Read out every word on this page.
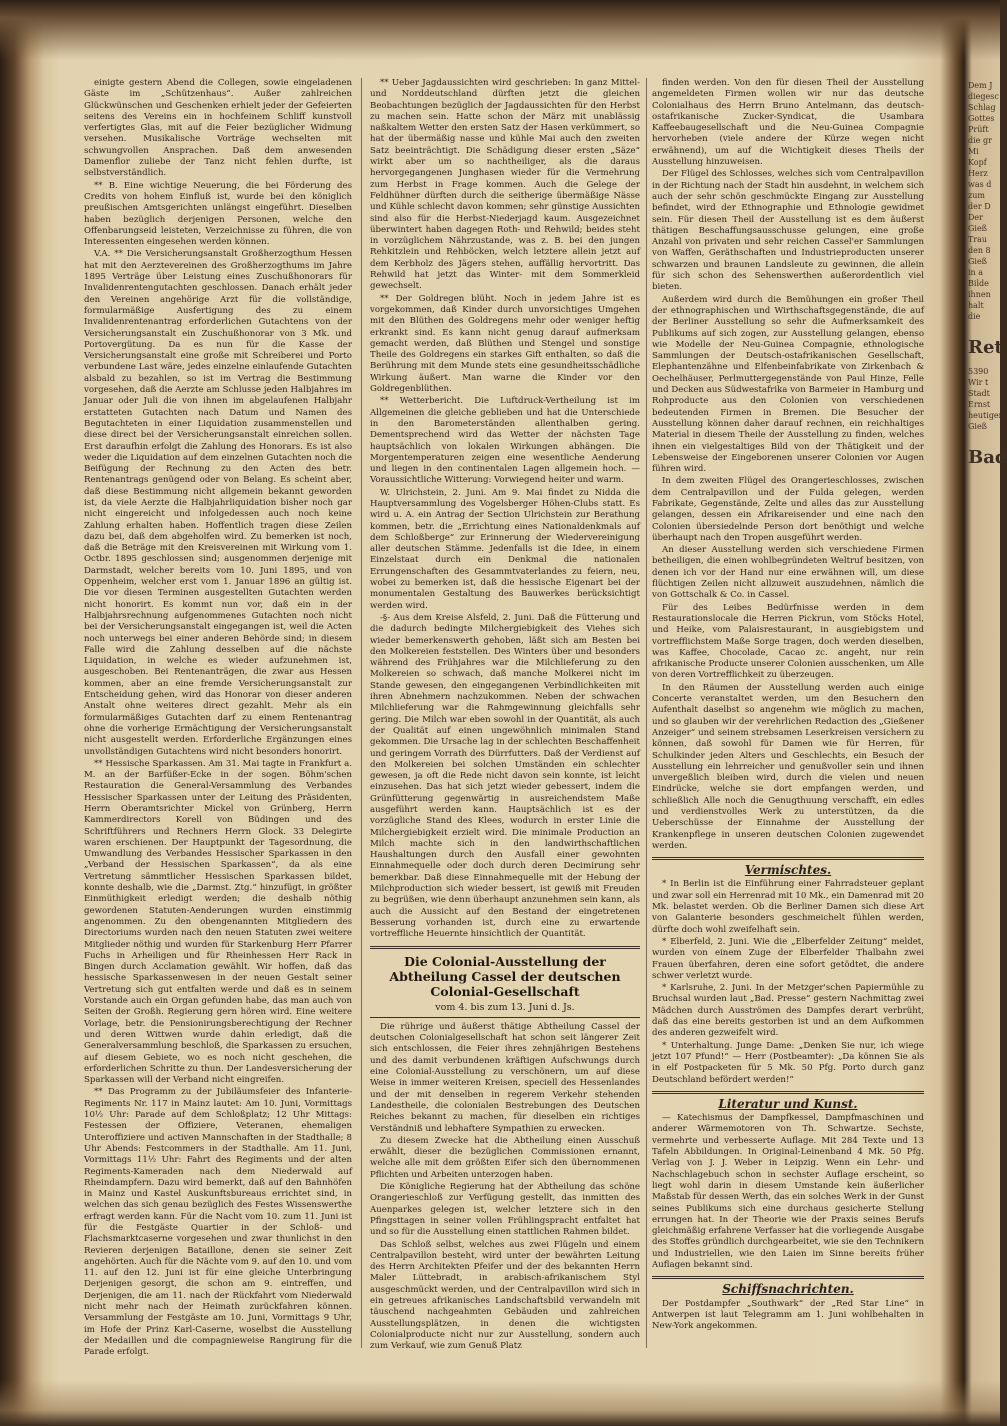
einigte gestern Abend die Collegen, sowie eingeladenen Gäste im „Schützenhaus“. Außer zahlreichen Glückwünschen und Geschenken erhielt jeder der Gefeierten seitens des Vereins ein in hochfeinem Schliff kunstvoll verfertigtes Glas, mit auf die Feier bezüglicher Widmung versehen. Musikalische Vorträge wechselten mit schwungvollen Ansprachen. Daß dem anwesenden Damenflor zuliebe der Tanz nicht fehlen durfte, ist selbstverständlich.

** B. Eine wichtige Neuerung, die bei Förderung des Credits von hohem Einfluß ist, wurde bei den königlich preußischen Amtsgerichten unlängst eingeführt. Dieselben haben bezüglich derjenigen Personen, welche den Offenbarungseid leisteten, Verzeichnisse zu führen, die von Interessenten eingesehen werden können.

V.A. ** Die Versicherungsanstalt Großherzogthum Hessen hat mit den Aerztevereinen des Großherzogthums im Jahre 1895 Verträge über Leistung eines Zuschußhonorars für Invalidenrentengutachten geschlossen. Danach erhält jeder den Vereinen angehörige Arzt für die vollständige, formularmäßige Ausfertigung des zu einem Invalidenrentenantrag erforderlichen Gutachtens von der Versicherungsanstalt ein Zuschußhonorar von 3 Mk. und Portovergütung. Da es nun für die Kasse der Versicherungsanstalt eine große mit Schreiberei und Porto verbundene Last wäre, jedes einzelne einlaufende Gutachten alsbald zu bezahlen, so ist im Vertrag die Bestimmung vorgesehen, daß die Aerzte am Schlusse jeden Halbjahres im Januar oder Juli die von ihnen im abgelaufenen Halbjahr erstatteten Gutachten nach Datum und Namen des Begutachteten in einer Liquidation zusammenstellen und diese direct bei der Versicherungsanstalt einreichen sollen. Erst daraufhin erfolgt die Zahlung des Honorars. Es ist also weder die Liquidation auf dem einzelnen Gutachten noch die Beifügung der Rechnung zu den Acten des betr. Rentenantrags genügend oder von Belang. Es scheint aber, daß diese Bestimmung nicht allgemein bekannt geworden ist, da viele Aerzte die Halbjahrliquidation bisher noch gar nicht eingereicht und infolgedessen auch noch keine Zahlung erhalten haben. Hoffentlich tragen diese Zeilen dazu bei, daß dem abgeholfen wird. Zu bemerken ist noch, daß die Beträge mit den Kreisvereinen mit Wirkung vom 1. Octbr. 1895 geschlossen sind; ausgenommen derjenige mit Darmstadt, welcher bereits vom 10. Juni 1895, und von Oppenheim, welcher erst vom 1. Januar 1896 an gültig ist. Die vor diesen Terminen ausgestellten Gutachten werden nicht honorirt. Es kommt nun vor, daß ein in der Halbjahrsrechnung aufgenommenes Gutachten noch nicht bei der Versicherungsanstalt eingegangen ist, weil die Acten noch unterwegs bei einer anderen Behörde sind; in diesem Falle wird die Zahlung desselben auf die nächste Liquidation, in welche es wieder aufzunehmen ist, ausgeschoben. Bei Rentenanträgen, die zwar aus Hessen kommen, aber an eine fremde Versicherungsanstalt zur Entscheidung gehen, wird das Honorar von dieser anderen Anstalt ohne weiteres direct gezahlt. Mehr als ein formularmäßiges Gutachten darf zu einem Rentenantrag ohne die vorherige Ermächtigung der Versicherungsanstalt nicht ausgestellt werden. Erforderliche Ergänzungen eines unvollständigen Gutachtens wird nicht besonders honorirt.

** Hessische Sparkassen. Am 31. Mai tagte in Frankfurt a. M. an der Barfüßer-Ecke in der sogen. Böhm'schen Restauration die General-Versammlung des Verbandes Hessischer Sparkassen unter der Leitung des Präsidenten, Herrn Oberamtsrichter Mickel von Grünberg, Herrn Kammerdirectors Korell von Büdingen und des Schriftführers und Rechners Herrn Glock. 33 Delegirte waren erschienen. Der Hauptpunkt der Tagesordnung, die Umwandlung des Verbandes Hessischer Sparkassen in den „Verband der Hessischen Sparkassen“, da als eine Vertretung sämmtlicher Hessischen Sparkassen bildet, konnte deshalb, wie die „Darmst. Ztg.“ hinzufügt, in größter Einmüthigkeit erledigt werden; die deshalb nöthig gewordenen Statuten-Aenderungen wurden einstimmig angenommen. Zu den obengenannten Mitgliedern des Directoriums wurden nach den neuen Statuten zwei weitere Mitglieder nöthig und wurden für Starkenburg Herr Pfarrer Fuchs in Arheiligen und für Rheinhessen Herr Rack in Bingen durch Acclamation gewählt. Wir hoffen, daß das hessische Sparkassenwesen in der neuen Gestalt seiner Vertretung sich gut entfalten werde und daß es in seinem Vorstande auch ein Organ gefunden habe, das man auch von Seiten der Großh. Regierung gern hören wird. Eine weitere Vorlage, betr. die Pensionirungsberechtigung der Rechner und deren Wittwen wurde dahin erledigt, daß die Generalversammlung beschloß, die Sparkassen zu ersuchen, auf diesem Gebiete, wo es noch nicht geschehen, die erforderlichen Schritte zu thun. Der Landesversicherung der Sparkassen will der Verband nicht eingreifen.

** Das Programm zu der Jubiläumsfeier des Infanterie-Regiments Nr. 117 in Mainz lautet: Am 10. Juni, Vormittags 10½ Uhr: Parade auf dem Schloßplatz; 12 Uhr Mittags: Festessen der Offiziere, Veteranen, ehemaligen Unteroffiziere und activen Mannschaften in der Stadthalle; 8 Uhr Abends: Festcommers in der Stadthalle. Am 11. Juni, Vormittags 11½ Uhr: Fahrt des Regiments und der alten Regiments-Kameraden nach dem Niederwald auf Rheindampfern. Dazu wird bemerkt, daß auf den Bahnhöfen in Mainz und Kastel Auskunftsbureaus errichtet sind, in welchen das sich genau bezüglich des Festes Wissenswerthe erfragt werden kann. Für die Nacht vom 10. zum 11. Juni ist für die Festgäste Quartier in der Schloß- und Flachsmarktcaserne vorgesehen und zwar thunlichst in den Revieren derjenigen Bataillone, denen sie seiner Zeit angehörten. Auch für die Nächte vom 9. auf den 10. und vom 11. auf den 12. Juni ist für eine gleiche Unterbringung Derjenigen gesorgt, die schon am 9. eintreffen, und Derjenigen, die am 11. nach der Rückfahrt vom Niederwald nicht mehr nach der Heimath zurückfahren können. Versammlung der Festgäste am 10. Juni, Vormittags 9 Uhr, im Hofe der Prinz Karl-Caserne, woselbst die Ausstellung der Medaillen und die compagnieweise Rangirung für die Parade erfolgt.

** Ueber Jagdaussichten wird geschrieben: In ganz Mittel- und Norddeutschland dürften jetzt die gleichen Beobachtungen bezüglich der Jagdaussichten für den Herbst zu machen sein. Hatte schon der März mit unablässig naßkaltem Wetter den ersten Satz der Hasen verkümmert, so hat der übermäßig nasse und kühle Mai auch den zweiten Satz beeinträchtigt. Die Schädigung dieser ersten „Säze“ wirkt aber um so nachtheiliger, als die daraus hervorgegangenen Junghasen wieder für die Vermehrung zum Herbst in Frage kommen. Auch die Gelege der Feldhühner dürften durch die seitherige übermäßige Nässe und Kühle schlecht davon kommen; sehr günstige Aussichten sind also für die Herbst-Niederjagd kaum. Ausgezeichnet überwintert haben dagegen Roth- und Rehwild; beides steht in vorzüglichem Nährzustande, was z. B. bei den jungen Rehkitzlein und Rehböcken, welch letztere allein jetzt auf dem Kerbholz des Jägers stehen, auffällig hervortritt. Das Rehwild hat jetzt das Winter- mit dem Sommerkleid gewechselt.

** Der Goldregen blüht. Noch in jedem Jahre ist es vorgekommen, daß Kinder durch unvorsichtiges Umgehen mit den Blüthen des Goldregens mehr oder weniger heftig erkrankt sind. Es kann nicht genug darauf aufmerksam gemacht werden, daß Blüthen und Stengel und sonstige Theile des Goldregens ein starkes Gift enthalten, so daß die Berührung mit dem Munde stets eine gesundheitsschädliche Wirkung äußert. Man warne die Kinder vor den Goldregenblüthen.

** Wetterbericht. Die Luftdruck-Vertheilung ist im Allgemeinen die gleiche geblieben und hat die Unterschiede in den Barometerständen allenthalben gering. Dementsprechend wird das Wetter der nächsten Tage hauptsächlich von lokalen Wirkungen abhängen. Die Morgentemperaturen zeigen eine wesentliche Aenderung und liegen in den continentalen Lagen allgemein hoch. — Voraussichtliche Witterung: Vorwiegend heiter und warm.

W. Ulrichstein, 2. Juni. Am 9. Mai findet zu Nidda die Hauptversammlung des Vogelsberger Höhen-Clubs statt. Es wird u. A. ein Antrag der Section Ulrichstein zur Berathung kommen, betr. die „Errichtung eines Nationaldenkmals auf dem Schloßberge“ zur Erinnerung der Wiedervereinigung aller deutschen Stämme. Jedenfalls ist die Idee, in einem Einzelstaat durch ein Denkmal die nationalen Errungenschaften des Gesammtvaterlandes zu feiern, neu, wobei zu bemerken ist, daß die hessische Eigenart bei der monumentalen Gestaltung des Bauwerkes berücksichtigt werden wird.

-§- Aus dem Kreise Alsfeld, 2. Juni. Daß die Fütterung und die dadurch bedingte Milchergiebigkeit des Viehes sich wieder bemerkenswerth gehoben, läßt sich am Besten bei den Molkereien feststellen. Des Winters über und besonders während des Frühjahres war die Milchlieferung zu den Molkereien so schwach, daß manche Molkerei nicht im Stande gewesen, den eingegangenen Verbindlichkeiten mit ihren Abnehmern nachzukommen. Neben der schwachen Milchlieferung war die Rahmgewinnung gleichfalls sehr gering. Die Milch war eben sowohl in der Quantität, als auch der Qualität auf einen ungewöhnlich minimalen Stand gekommen. Die Ursache lag in der schlechten Beschaffenheit und geringem Vorrath des Dürrfutters. Daß der Verdienst auf den Molkereien bei solchen Umständen ein schlechter gewesen, ja oft die Rede nicht davon sein konnte, ist leicht einzusehen. Das hat sich jetzt wieder gebessert, indem die Grünfütterung gegenwärtig in ausreichendstem Maße ausgeführt werden kann. Hauptsächlich ist es der vorzügliche Stand des Klees, wodurch in erster Linie die Milchergiebigkeit erzielt wird. Die minimale Production an Milch machte sich in den landwirthschaftlichen Haushaltungen durch den Ausfall einer gewohnten Einnahmequelle oder doch durch deren Decimirung sehr bemerkbar. Daß diese Einnahmequelle mit der Hebung der Milchproduction sich wieder bessert, ist gewiß mit Freuden zu begrüßen, wie denn überhaupt anzunehmen sein kann, als auch die Aussicht auf den Bestand der eingetretenen Besserung vorhanden ist, durch eine zu erwartende vortreffliche Heuernte hinsichtlich der Quantität.

Die Colonial-Ausstellung der Abtheilung Cassel der deutschen Colonial-Gesellschaft
vom 4. bis zum 13. Juni d. Js.

Die rührige und äußerst thätige Abtheilung Cassel der deutschen Colonialgesellschaft hat schon seit längerer Zeit sich entschlossen, die Feier ihres zehnjährigen Bestehens und des damit verbundenen kräftigen Aufschwungs durch eine Colonial-Ausstellung zu verschönern, um auf diese Weise in immer weiteren Kreisen, speciell des Hessenlandes und der mit denselben in regerem Verkehr stehenden Landestheile, die colonialen Bestrebungen des Deutschen Reiches bekannt zu machen, für dieselben ein richtiges Verständniß und lebhaftere Sympathien zu erwecken.

Zu diesem Zwecke hat die Abtheilung einen Ausschuß erwählt, dieser die bezüglichen Commissionen ernannt, welche alle mit dem größten Eifer sich den übernommenen Pflichten und Arbeiten unterzogen haben.

Die Königliche Regierung hat der Abtheilung das schöne Orangerieschloß zur Verfügung gestellt, das inmitten des Auenparkes gelegen ist, welcher letztere sich in den Pfingsttagen in seiner vollen Frühlingspracht entfaltet hat und so für die Ausstellung einen stattlichen Rahmen bildet.

Das Schloß selbst, welches aus zwei Flügeln und einem Centralpavillon besteht, wird unter der bewährten Leitung des Herrn Architekten Pfeifer und der des bekannten Herrn Maler Lüttebradt, in arabisch-afrikanischem Styl ausgeschmückt werden, und der Centralpavillon wird sich in ein getreues afrikanisches Landschaftsbild verwandeln mit täuschend nachgeahmten Gebäuden und zahlreichen Ausstellungsplätzen, in denen die wichtigsten Colonialproducte nicht nur zur Ausstellung, sondern auch zum Verkauf, wie zum Genuß Platz

finden werden. Von den für diesen Theil der Ausstellung angemeldeten Firmen wollen wir nur das deutsche Colonialhaus des Herrn Bruno Antelmann, das deutsch-ostafrikanische Zucker-Syndicat, die Usambara Kaffeebaugesellschaft und die Neu-Guinea Compagnie hervorheben (viele andere der Kürze wegen nicht erwähnend), um auf die Wichtigkeit dieses Theils der Ausstellung hinzuweisen.

Der Flügel des Schlosses, welches sich vom Centralpavillon in der Richtung nach der Stadt hin ausdehnt, in welchem sich auch der sehr schön geschmückte Eingang zur Ausstellung befindet, wird der Ethnographie und Ethnologie gewidmet sein. Für diesen Theil der Ausstellung ist es dem äußerst thätigen Beschaffungsausschusse gelungen, eine große Anzahl von privaten und sehr reichen Cassel'er Sammlungen von Waffen, Geräthschaften und Industrieproducten unserer schwarzen und braunen Landsleute zu gewinnen, die allein für sich schon des Sehenswerthen außerordentlich viel bieten.

Außerdem wird durch die Bemühungen ein großer Theil der ethnographischen und Wirthschaftsgegenstände, die auf der Berliner Ausstellung so sehr die Aufmerksamkeit des Publikums auf sich zogen, zur Ausstellung gelangen, ebenso wie Modelle der Neu-Guinea Compagnie, ethnologische Sammlungen der Deutsch-ostafrikanischen Gesellschaft, Elephantenzähne und Elfenbeinfabrikate von Zirkenbach & Oechelhäuser, Perlmuttergegenstände von Paul Hinze, Felle und Decken aus Südwestafrika von Barmeier in Hamburg und Rohproducte aus den Colonien von verschiedenen bedeutenden Firmen in Bremen. Die Besucher der Ausstellung können daher darauf rechnen, ein reichhaltiges Material in diesem Theile der Ausstellung zu finden, welches ihnen ein vielgestaltiges Bild von der Thätigkeit und der Lebensweise der Eingeborenen unserer Colonien vor Augen führen wird.

In dem zweiten Flügel des Orangerieschlosses, zwischen dem Centralpavillon und der Fulda gelegen, werden Fabrikate, Gegenstände, Zelte und alles das zur Ausstellung gelangen, dessen ein Afrikareisender und eine nach den Colonien übersiedelnde Person dort benöthigt und welche überhaupt nach den Tropen ausgeführt werden.

An dieser Ausstellung werden sich verschiedene Firmen betheiligen, die einen wohlbegründeten Weltruf besitzen, von denen ich vor der Hand nur eine erwähnen will, um diese flüchtigen Zeilen nicht allzuweit auszudehnen, nämlich die von Gottschalk & Co. in Cassel.

Für des Leibes Bedürfnisse werden in dem Restaurationslocale die Herren Pickrun, vom Stöcks Hotel, und Heike, vom Palaisrestaurant, in ausgiebigstem und vortrefflichstem Maße Sorge tragen, doch werden dieselben, was Kaffee, Chocolade, Cacao zc. angeht, nur rein afrikanische Producte unserer Colonien ausschenken, um Alle von deren Vortrefflichkeit zu überzeugen.

In den Räumen der Ausstellung werden auch einige Concerte veranstaltet werden, um den Besuchern den Aufenthalt daselbst so angenehm wie möglich zu machen, und so glauben wir der verehrlichen Redaction des „Gießener Anzeiger“ und seinem strebsamen Leserkreisen versichern zu können, daß sowohl für Damen wie für Herren, für Schulkinder jeden Alters und Geschlechts, ein Besuch der Ausstellung ein lehrreicher und genußvoller sein und ihnen unvergeßlich bleiben wird, durch die vielen und neuen Eindrücke, welche sie dort empfangen werden, und schließlich Alle noch die Genugthuung verschafft, ein edles und verdienstvolles Werk zu unterstützen, da die Ueberschüsse der Einnahme der Ausstellung der Krankenpflege in unseren deutschen Colonien zugewendet werden.

Vermischtes.

* In Berlin ist die Einführung einer Fahrradsteuer geplant und zwar soll ein Herrenrad mit 10 Mk., ein Damenrad mit 20 Mk. belastet werden. Ob die Berliner Damen sich diese Art von Galanterie besonders geschmeichelt fühlen werden, dürfte doch wohl zweifelhaft sein.

* Elberfeld, 2. Juni. Wie die „Elberfelder Zeitung“ meldet, wurden von einem Zuge der Elberfelder Thalbahn zwei Frauen überfahren, deren eine sofort getödtet, die andere schwer verletzt wurde.

* Karlsruhe, 2. Juni. In der Metzger'schen Papiermühle zu Bruchsal wurden laut „Bad. Presse“ gestern Nachmittag zwei Mädchen durch Ausströmen des Dampfes derart verbrüht, daß das eine bereits gestorben ist und an dem Aufkommen des anderen gezweifelt wird.

* Unterhaltung. Junge Dame: „Denken Sie nur, ich wiege jetzt 107 Pfund!“ — Herr (Postbeamter): „Da können Sie als in elf Postpacketen für 5 Mk. 50 Pfg. Porto durch ganz Deutschland befördert werden!“

Literatur und Kunst.

— Katechismus der Dampfkessel, Dampfmaschinen und anderer Wärmemotoren von Th. Schwartze. Sechste, vermehrte und verbesserte Auflage. Mit 284 Texte und 13 Tafeln Abbildungen. In Original-Leinenband 4 Mk. 50 Pfg. Verlag von J. J. Weber in Leipzig. Wenn ein Lehr- und Nachschlagebuch schon in sechster Auflage erscheint, so liegt wohl darin in diesem Umstande kein äußerlicher Maßstab für dessen Werth, das ein solches Werk in der Gunst seines Publikums sich eine durchaus gesicherte Stellung errungen hat. In der Theorie wie der Praxis seines Berufs gleichmäßig erfahrene Verfasser hat die vorliegende Ausgabe des Stoffes gründlich durchgearbeitet, wie sie den Technikern und Industriellen, wie den Laien im Sinne bereits früher Auflagen bekannt sind.

Schiffsnachrichten.

Der Postdampfer „Southwark“ der „Red Star Line“ in Antwerpen ist laut Telegramm am 1. Juni wohlbehalten in New-York angekommen.

Dem J
diegesc
Schlag
Gottes
Prüft
die gr
Mi
Kopf
Herz
was d
zum
der D
Der
Gieß
Trau
den 8
Gieß
in a
Bilde
ihnen
halt
die
Ret
5390
Wir t
Stadt
Ernst
heutigen
Gieß
Bad
